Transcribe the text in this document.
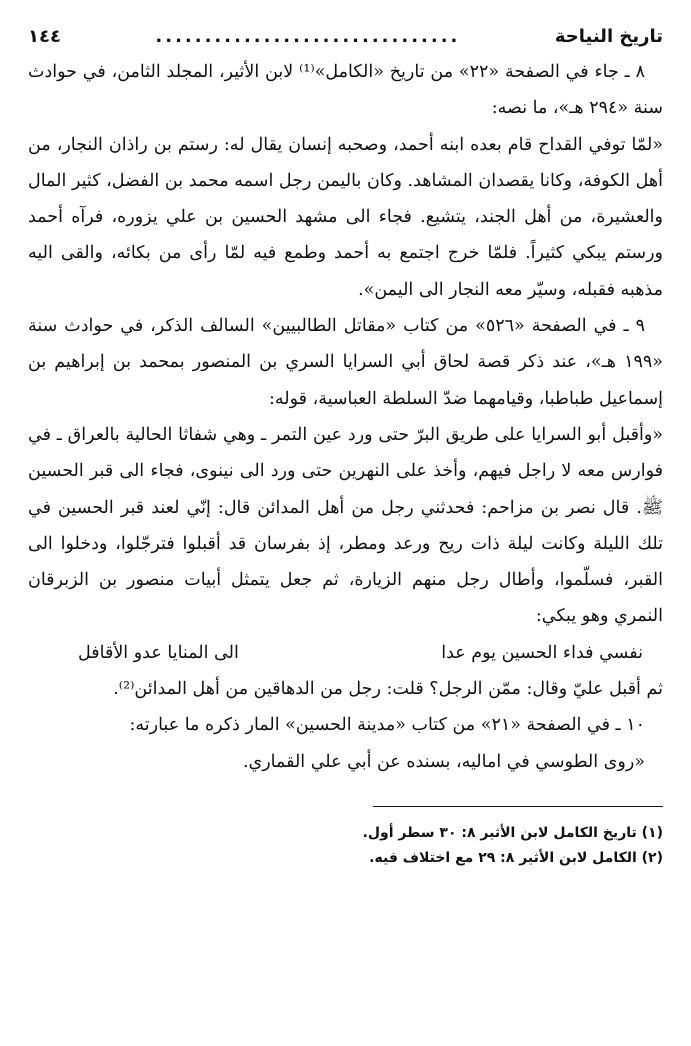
تاريخ النياحة
...............................
١٤٤

٨ ـ جاء في الصفحة «٢٢» من تاريخ «الكامل»⁽¹⁾ لابن الأثير، المجلد الثامن، في حوادث سنة «٢٩٤ هـ»، ما نصه:

«لمّا توفي القداح قام بعده ابنه أحمد، وصحبه إنسان يقال له: رستم بن راذان النجار، من أهل الكوفة، وكانا يقصدان المشاهد. وكان باليمن رجل اسمه محمد بن الفضل، كثير المال والعشيرة، من أهل الجند، يتشيع. فجاء الى مشهد الحسين بن علي يزوره، فرآه أحمد ورستم يبكي كثيراً. فلمّا خرج اجتمع به أحمد وطمع فيه لمّا رأى من بكائه، والقى اليه مذهبه فقبله، وسيّر معه النجار الى اليمن».

٩ ـ في الصفحة «٥٢٦» من كتاب «مقاتل الطالبيين» السالف الذكر، في حوادث سنة «١٩٩ هـ»، عند ذكر قصة لحاق أبي السرايا السري بن المنصور بمحمد بن إبراهيم بن إسماعيل طباطبا، وقيامهما ضدّ السلطة العباسية، قوله:

«وأقبل أبو السرايا على طريق البرّ حتى ورد عين التمر ـ وهي شفاثا الحالية بالعراق ـ في فوارس معه لا راجل فيهم، وأخذ على النهرين حتى ورد الى نينوى، فجاء الى قبر الحسين ﷺ. قال نصر بن مزاحم: فحدثني رجل من أهل المدائن قال: إنّي لعند قبر الحسين في تلك الليلة وكانت ليلة ذات ريح ورعد ومطر، إذ بفرسان قد أقبلوا فترجّلوا، ودخلوا الى القبر، فسلّموا، وأطال رجل منهم الزيارة، ثم جعل يتمثل أبيات منصور بن الزبرقان النمري وهو يبكي:

نفسي فداء الحسين يوم عدا
الى المنايا عدو الأقافل

ثم أقبل عليّ وقال: ممّن الرجل؟ قلت: رجل من الدهاقين من أهل المدائن⁽²⁾.

١٠ ـ في الصفحة «٢١» من كتاب «مدينة الحسين» المار ذكره ما عبارته:

«روى الطوسي في اماليه، بسنده عن أبي علي القماري.

(١) تاريخ الكامل لابن الأثير ٨: ٣٠ سطر أول.

(٢) الكامل لابن الأثير ٨: ٢٩ مع اختلاف فيه.
